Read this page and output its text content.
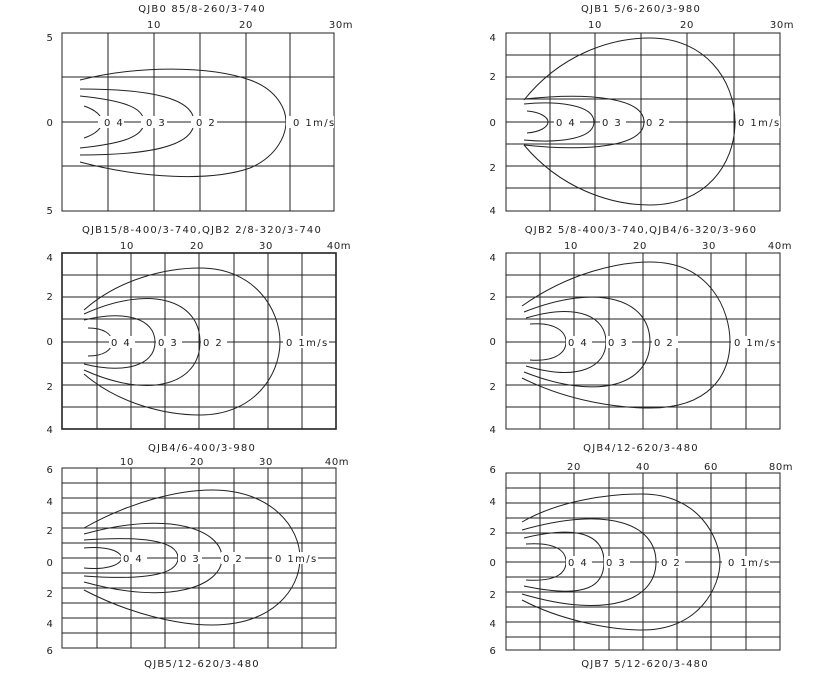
QJB0 85/8-260/3-740
10	20	30m
5
0
5
0 4 0 3	0 2	0 1m/s
QJB1 5/6-260/3-980
10	20	30m
4
2
0
2
4
0 4	0 3 0 2	0 1m/s
QJB15/8-400/3-740,QJB2 2/8-320/3-740
10	20	30	40m
4
2
0
2
4
0 4	0 3 0 2	0 1m/s
QJB2 5/8-400/3-740,QJB4/6-320/3-960
10	20	30	40m
4
2
0
2
4
0 4 0 3	0 2	0 1m/s
QJB4/6-400/3-980
10	20	30	40m
6
4
2
0
2
4
6
0 4	0 3 0 2	0 1m/s
QJB5/12-620/3-480
QJB4/12-620/3-480
20	40	60	80m
6
4
2
0
2
4
6
0 4 0 3	0 2	0 1m/s
QJB7 5/12-620/3-480
